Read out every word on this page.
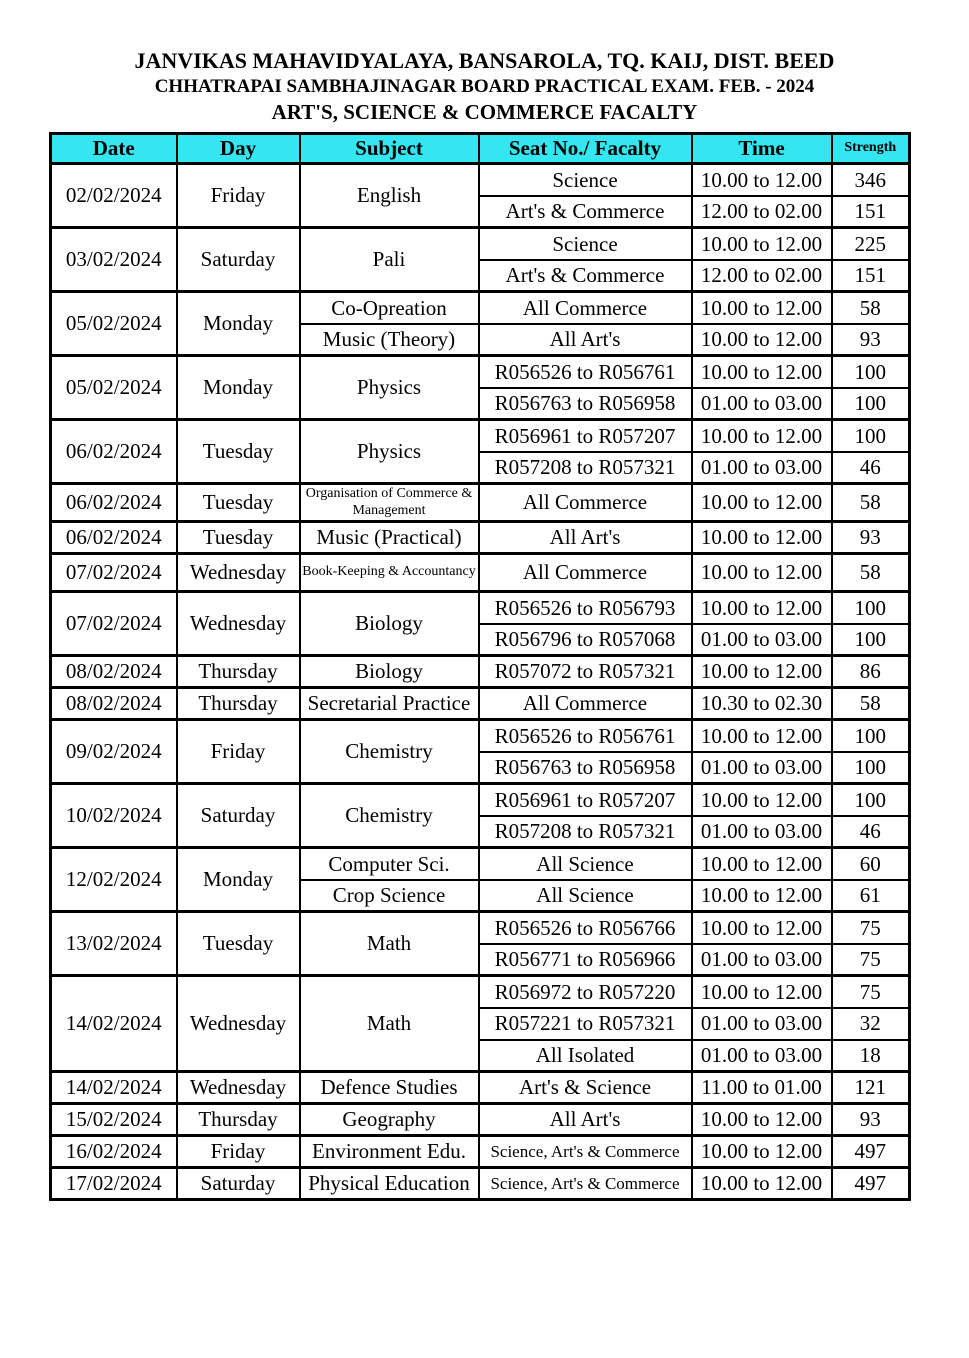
JANVIKAS MAHAVIDYALAYA, BANSAROLA, TQ. KAIJ, DIST. BEED
CHHATRAPAI SAMBHAJINAGAR BOARD PRACTICAL EXAM. FEB. - 2024
ART'S, SCIENCE & COMMERCE FACALTY
Date	Day	Subject	Seat No./ Facalty	Time	Strength
02/02/2024	Friday	English	Science	10.00 to 12.00	346
			Art's & Commerce	12.00 to 02.00	151
03/02/2024	Saturday	Pali	Science	10.00 to 12.00	225
			Art's & Commerce	12.00 to 02.00	151
05/02/2024	Monday	Co-Opreation	All Commerce	10.00 to 12.00	58
		Music (Theory)	All Art's	10.00 to 12.00	93
05/02/2024	Monday	Physics	R056526 to R056761	10.00 to 12.00	100
			R056763 to R056958	01.00 to 03.00	100
06/02/2024	Tuesday	Physics	R056961 to R057207	10.00 to 12.00	100
			R057208 to R057321	01.00 to 03.00	46
06/02/2024	Tuesday	Organisation of Commerce & Management	All Commerce	10.00 to 12.00	58
06/02/2024	Tuesday	Music (Practical)	All Art's	10.00 to 12.00	93
07/02/2024	Wednesday	Book-Keeping & Accountancy	All Commerce	10.00 to 12.00	58
07/02/2024	Wednesday	Biology	R056526 to R056793	10.00 to 12.00	100
			R056796 to R057068	01.00 to 03.00	100
08/02/2024	Thursday	Biology	R057072 to R057321	10.00 to 12.00	86
08/02/2024	Thursday	Secretarial Practice	All Commerce	10.30 to 02.30	58
09/02/2024	Friday	Chemistry	R056526 to R056761	10.00 to 12.00	100
			R056763 to R056958	01.00 to 03.00	100
10/02/2024	Saturday	Chemistry	R056961 to R057207	10.00 to 12.00	100
			R057208 to R057321	01.00 to 03.00	46
12/02/2024	Monday	Computer Sci.	All Science	10.00 to 12.00	60
		Crop Science	All Science	10.00 to 12.00	61
13/02/2024	Tuesday	Math	R056526 to R056766	10.00 to 12.00	75
			R056771 to R056966	01.00 to 03.00	75
14/02/2024	Wednesday	Math	R056972 to R057220	10.00 to 12.00	75
			R057221 to R057321	01.00 to 03.00	32
			All Isolated	01.00 to 03.00	18
14/02/2024	Wednesday	Defence Studies	Art's & Science	11.00 to 01.00	121
15/02/2024	Thursday	Geography	All Art's	10.00 to 12.00	93
16/02/2024	Friday	Environment Edu.	Science, Art's & Commerce	10.00 to 12.00	497
17/02/2024	Saturday	Physical Education	Science, Art's & Commerce	10.00 to 12.00	497
